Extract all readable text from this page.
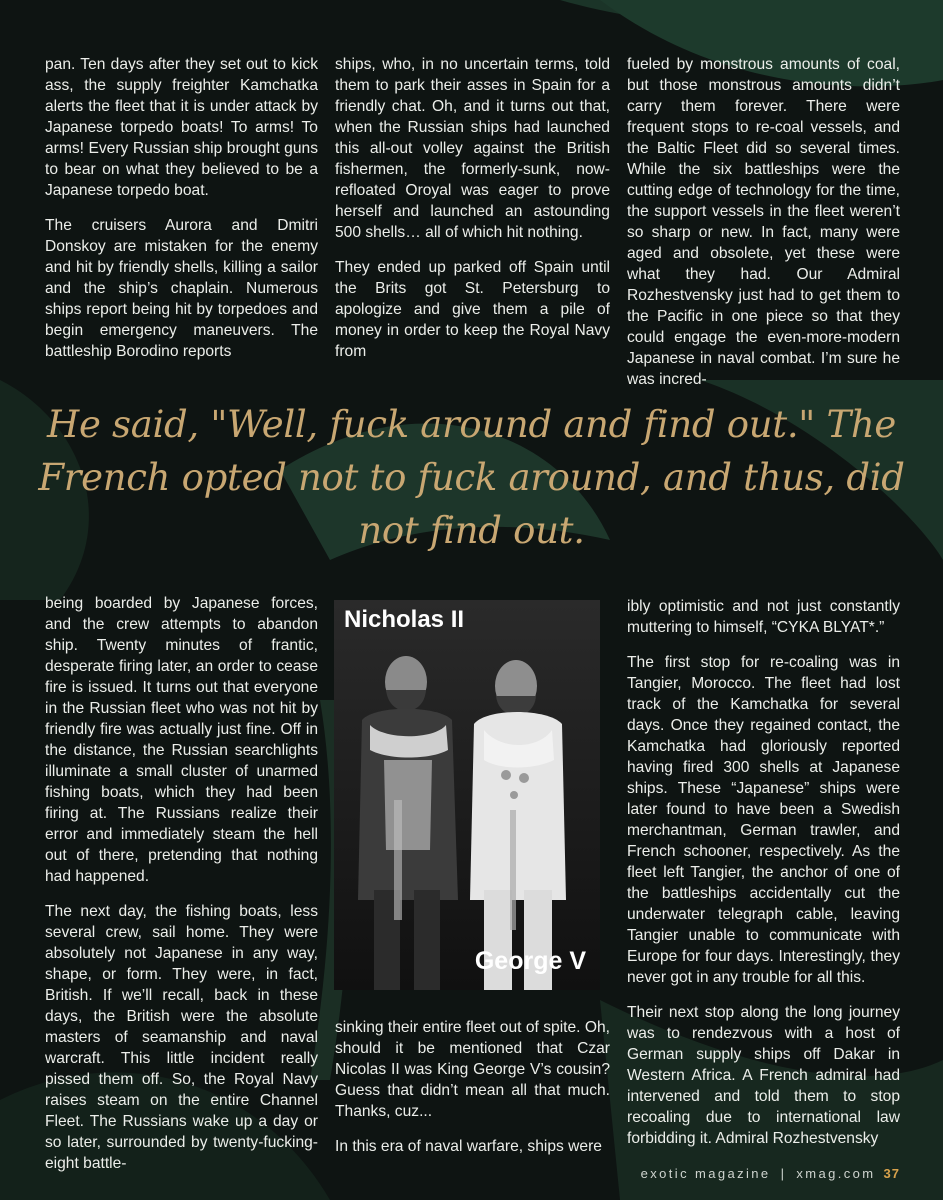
pan. Ten days after they set out to kick ass, the supply freighter Kamchatka alerts the fleet that it is under attack by Japanese torpedo boats! To arms! To arms! Every Russian ship brought guns to bear on what they believed to be a Japanese torpedo boat.

The cruisers Aurora and Dmitri Donskoy are mistaken for the enemy and hit by friendly shells, killing a sailor and the ship’s chaplain. Numerous ships report being hit by torpedoes and begin emergency maneuvers. The battleship Borodino reports

ships, who, in no uncertain terms, told them to park their asses in Spain for a friendly chat. Oh, and it turns out that, when the Russian ships had launched this all-out volley against the British fishermen, the formerly-sunk, now-refloated Oroyal was eager to prove herself and launched an astounding 500 shells… all of which hit nothing.

They ended up parked off Spain until the Brits got St. Petersburg to apologize and give them a pile of money in order to keep the Royal Navy from

fueled by monstrous amounts of coal, but those monstrous amounts didn’t carry them forever. There were frequent stops to re-coal vessels, and the Baltic Fleet did so several times. While the six battleships were the cutting edge of technology for the time, the support vessels in the fleet weren’t so sharp or new. In fact, many were aged and obsolete, yet these were what they had. Our Admiral Rozhestvensky just had to get them to the Pacific in one piece so that they could engage the even-more-modern Japanese in naval combat. I’m sure he was incred-

He said, "Well, fuck around and find out." The French opted not to fuck around, and thus, did not find out.

being boarded by Japanese forces, and the crew attempts to abandon ship. Twenty minutes of frantic, desperate firing later, an order to cease fire is issued. It turns out that everyone in the Russian fleet who was not hit by friendly fire was actually just fine. Off in the distance, the Russian searchlights illuminate a small cluster of unarmed fishing boats, which they had been firing at. The Russians realize their error and immediately steam the hell out of there, pretending that nothing had happened.

The next day, the fishing boats, less several crew, sail home. They were absolutely not Japanese in any way, shape, or form. They were, in fact, British. If we’ll recall, back in these days, the British were the absolute masters of seamanship and naval warcraft. This little incident really pissed them off. So, the Royal Navy raises steam on the entire Channel Fleet. The Russians wake up a day or so later, surrounded by twenty-fucking-eight battle-

Nicholas II
George V

sinking their entire fleet out of spite. Oh, should it be mentioned that Czar Nicolas II was King George V’s cousin? Guess that didn’t mean all that much. Thanks, cuz...

In this era of naval warfare, ships were

ibly optimistic and not just constantly muttering to himself, “CYKA BLYAT*.”

The first stop for re-coaling was in Tangier, Morocco. The fleet had lost track of the Kamchatka for several days. Once they regained contact, the Kamchatka had gloriously reported having fired 300 shells at Japanese ships. These “Japanese” ships were later found to have been a Swedish merchantman, German trawler, and French schooner, respectively. As the fleet left Tangier, the anchor of one of the battleships accidentally cut the underwater telegraph cable, leaving Tangier unable to communicate with Europe for four days. Interestingly, they never got in any trouble for all this.

Their next stop along the long journey was to rendezvous with a host of German supply ships off Dakar in Western Africa. A French admiral had intervened and told them to stop recoaling due to international law forbidding it. Admiral Rozhestvensky

exotic magazine | xmag.com 37
